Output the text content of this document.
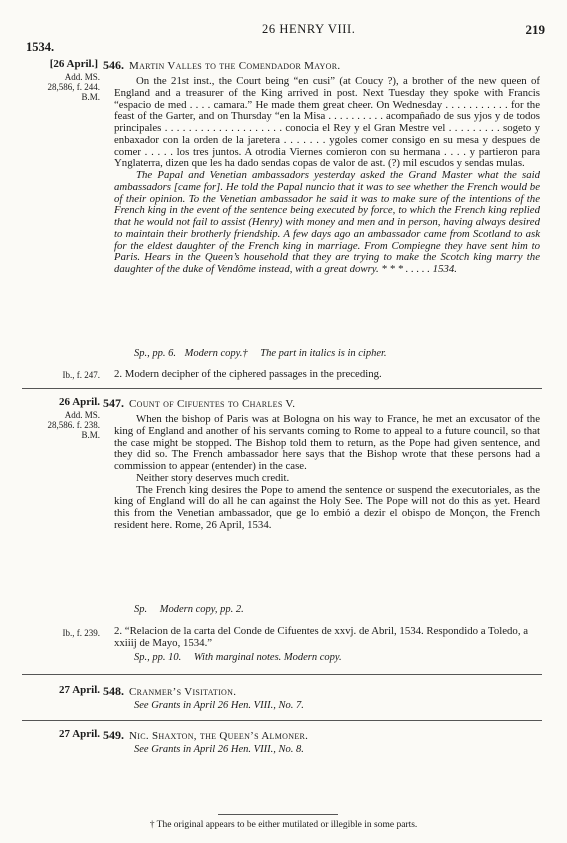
26 HENRY VIII.	219
1534.
[26 April.]
Add. MS.
28,586, f. 244.
B.M.
546. Martin Valles to the Comendador Mayor.

On the 21st inst., the Court being “en cusi” (at Coucy ?), a brother of the new queen of England and a treasurer of the King arrived in post. Next Tuesday they spoke with Francis “espacio de med . . . . camara.” He made them great cheer. On Wednesday . . . . . . . . . . . for the feast of the Garter, and on Thursday “en la Misa . . . . . . . . . . acompañado de sus yjos y de todos principales . . . . . . . . . . . . . . . . . . . . conocia el Rey y el Gran Mestre vel . . . . . . . . . sogeto y enbaxador con la orden de la jaretera . . . . . . . ygoles comer consigo en su mesa y despues de comer . . . . . los tres juntos. A otrodia Viernes comieron con su hermana . . . . y partieron para Ynglaterra, dizen que les ha dado sendas copas de valor de ast. (?) mil escudos y sendas mulas.

The Papal and Venetian ambassadors yesterday asked the Grand Master what the said ambassadors [came for]. He told the Papal nuncio that it was to see whether the French would be of their opinion. To the Venetian ambassador he said it was to make sure of the intentions of the French king in the event of the sentence being executed by force, to which the French king replied that he would not fail to assist (Henry) with money and men and in person, having always desired to maintain their brotherly friendship. A few days ago an ambassador came from Scotland to ask for the eldest daughter of the French king in marriage. From Compiegne they have sent him to Paris. Hears in the Queen’s household that they are trying to make the Scotch king marry the daughter of the duke of Vendôme instead, with a great dowry. * * * . . . . . 1534.

Sp., pp. 6. Modern copy.† The part in italics is in cipher.
Ib., f. 247. 2. Modern decipher of the ciphered passages in the preceding.
26 April.
Add. MS.
28,586. f. 238.
B.M.
547. Count of Cifuentes to Charles V.

When the bishop of Paris was at Bologna on his way to France, he met an excusator of the king of England and another of his servants coming to Rome to appeal to a future council, so that the case might be stopped. The Bishop told them to return, as the Pope had given sentence, and they did so. The French ambassador here says that the Bishop wrote that these persons had a commission to appear (entender) in the case.

Neither story deserves much credit.

The French king desires the Pope to amend the sentence or suspend the executoriales, as the king of England will do all he can against the Holy See. The Pope will not do this as yet. Heard this from the Venetian ambassador, que ge lo embió a dezir el obispo de Monçon, the French resident here. Rome, 26 April, 1534.

Sp. Modern copy, pp. 2.
Ib., f. 239. 2. “Relacion de la carta del Conde de Cifuentes de xxvj. de Abril, 1534. Respondido a Toledo, a xxiiij de Mayo, 1534.”
Sp., pp. 10. With marginal notes. Modern copy.
27 April. 548. Cranmer’s Visitation.
See Grants in April 26 Hen. VIII., No. 7.
27 April. 549. Nic. Shaxton, the Queen’s Almoner.
See Grants in April 26 Hen. VIII., No. 8.
† The original appears to be either mutilated or illegible in some parts.
